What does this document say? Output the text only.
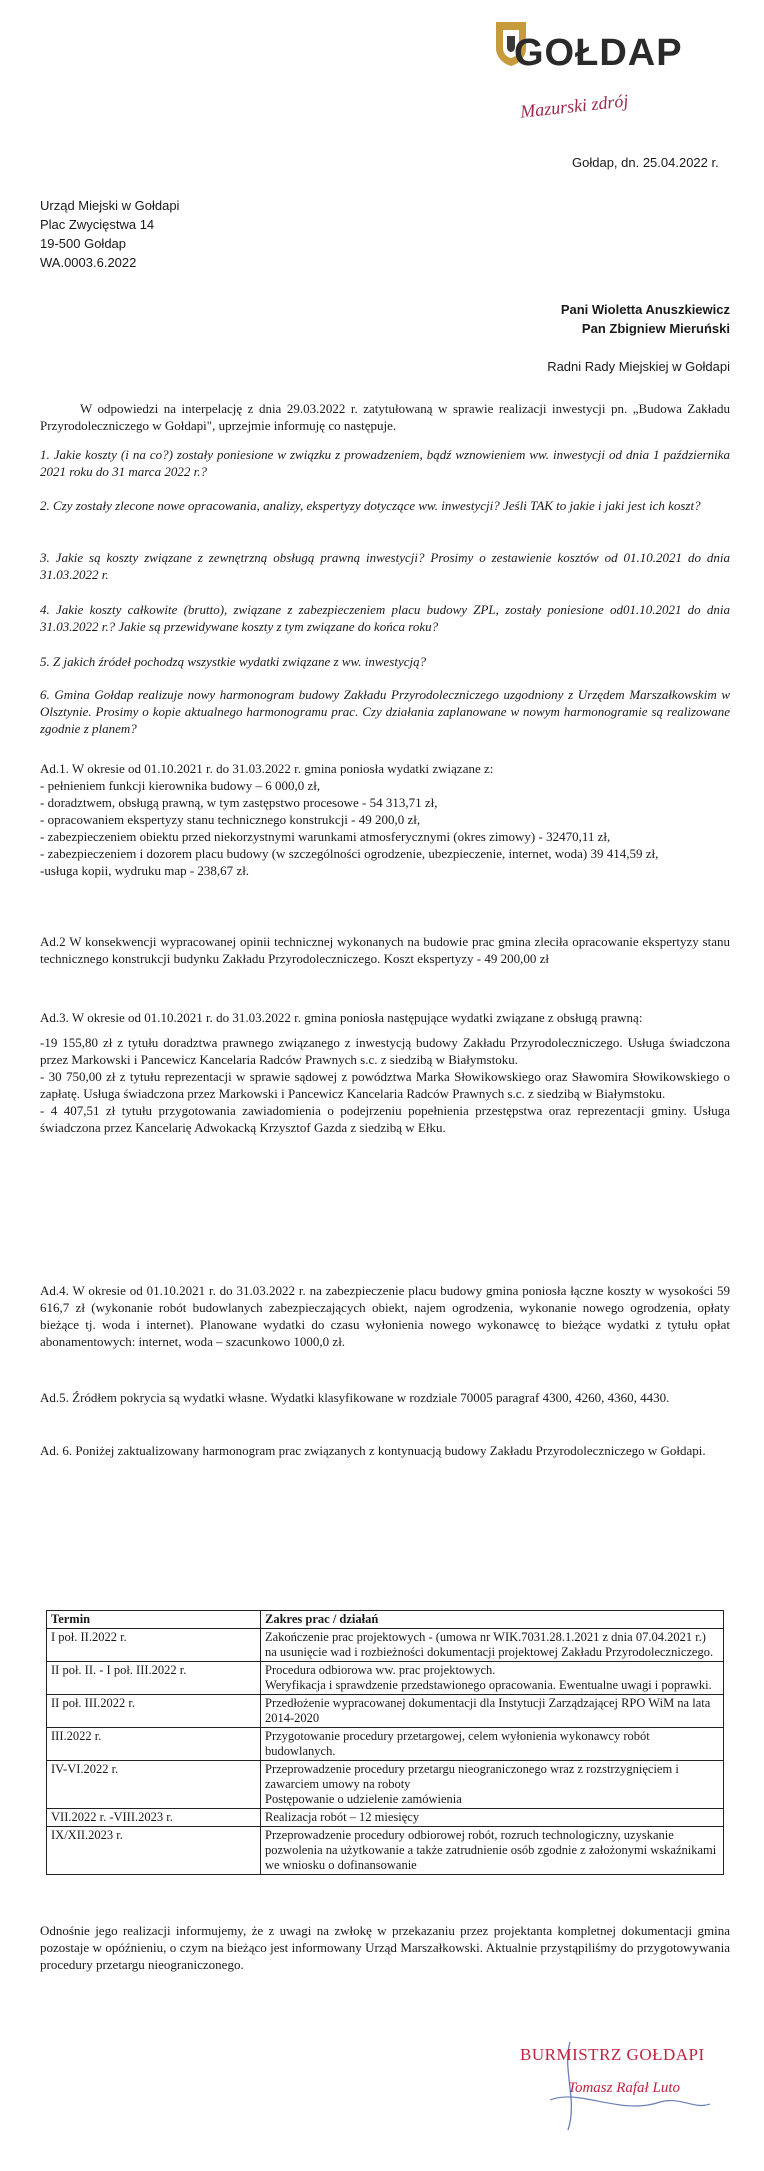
GOŁDAP
Mazurski zdrój
Gołdap, dn. 25.04.2022 r.
Urząd Miejski w Gołdapi
Plac Zwycięstwa 14
19-500 Gołdap
WA.0003.6.2022
Pani Wioletta Anuszkiewicz
Pan Zbigniew Mieruński
Radni Rady Miejskiej w Gołdapi
W odpowiedzi na interpelację z dnia 29.03.2022 r. zatytułowaną w sprawie realizacji inwestycji pn. „Budowa Zakładu Przyrodoleczniczego w Gołdapi", uprzejmie informuję co następuje.
1. Jakie koszty (i na co?) zostały poniesione w związku z prowadzeniem, bądź wznowieniem ww. inwestycji od dnia 1 października 2021 roku do 31 marca 2022 r.?
2. Czy zostały zlecone nowe opracowania, analizy, ekspertyzy dotyczące ww. inwestycji? Jeśli TAK to jakie i jaki jest ich koszt?
3. Jakie są koszty związane z zewnętrzną obsługą prawną inwestycji? Prosimy o zestawienie kosztów od 01.10.2021 do dnia 31.03.2022 r.
4. Jakie koszty całkowite (brutto), związane z zabezpieczeniem placu budowy ZPL, zostały poniesione od01.10.2021 do dnia 31.03.2022 r.? Jakie są przewidywane koszty z tym związane do końca roku?
5. Z jakich źródeł pochodzą wszystkie wydatki związane z ww. inwestycją?
6. Gmina Gołdap realizuje nowy harmonogram budowy Zakładu Przyrodoleczniczego uzgodniony z Urzędem Marszałkowskim w Olsztynie. Prosimy o kopie aktualnego harmonogramu prac. Czy działania zaplanowane w nowym harmonogramie są realizowane zgodnie z planem?
Ad.1. W okresie od 01.10.2021 r. do 31.03.2022 r. gmina poniosła wydatki związane z:
- pełnieniem funkcji kierownika budowy – 6 000,0 zł,
- doradztwem, obsługą prawną, w tym zastępstwo procesowe - 54 313,71 zł,
- opracowaniem ekspertyzy stanu technicznego konstrukcji - 49 200,0 zł,
- zabezpieczeniem obiektu przed niekorzystnymi warunkami atmosferycznymi (okres zimowy) - 32470,11 zł,
- zabezpieczeniem i dozorem placu budowy (w szczególności ogrodzenie, ubezpieczenie, internet, woda) 39 414,59 zł,
-usługa kopii, wydruku map - 238,67 zł.
Ad.2 W konsekwencji wypracowanej opinii technicznej wykonanych na budowie prac gmina zleciła opracowanie ekspertyzy stanu technicznego konstrukcji budynku Zakładu Przyrodoleczniczego. Koszt ekspertyzy - 49 200,00 zł
Ad.3. W okresie od 01.10.2021 r. do 31.03.2022 r. gmina poniosła następujące wydatki związane z obsługą prawną:
-19 155,80 zł z tytułu doradztwa prawnego związanego z inwestycją budowy Zakładu Przyrodoleczniczego. Usługa świadczona przez Markowski i Pancewicz Kancelaria Radców Prawnych s.c. z siedzibą w Białymstoku.
- 30 750,00 zł z tytułu reprezentacji w sprawie sądowej z powództwa Marka Słowikowskiego oraz Sławomira Słowikowskiego o zapłatę. Usługa świadczona przez Markowski i Pancewicz Kancelaria Radców Prawnych s.c. z siedzibą w Białymstoku.
- 4 407,51 zł tytułu przygotowania zawiadomienia o podejrzeniu popełnienia przestępstwa oraz reprezentacji gminy. Usługa świadczona przez Kancelarię Adwokacką Krzysztof Gazda z siedzibą w Ełku.
Ad.4. W okresie od 01.10.2021 r. do 31.03.2022 r. na zabezpieczenie placu budowy gmina poniosła łączne koszty w wysokości 59 616,7 zł (wykonanie robót budowlanych zabezpieczających obiekt, najem ogrodzenia, wykonanie nowego ogrodzenia, opłaty bieżące tj. woda i internet). Planowane wydatki do czasu wyłonienia nowego wykonawcę to bieżące wydatki z tytułu opłat abonamentowych: internet, woda – szacunkowo 1000,0 zł.
Ad.5. Źródłem pokrycia są wydatki własne. Wydatki klasyfikowane w rozdziale 70005 paragraf 4300, 4260, 4360, 4430.
Ad. 6. Poniżej zaktualizowany harmonogram prac związanych z kontynuacją budowy Zakładu Przyrodoleczniczego w Gołdapi.
Termin	Zakres prac / działań
I poł. II.2022 r.	Zakończenie prac projektowych - (umowa nr WIK.7031.28.1.2021 z dnia 07.04.2021 r.) na usunięcie wad i rozbieżności dokumentacji projektowej Zakładu Przyrodoleczniczego.

II poł. II. - I poł. III.2022 r.	Procedura odbiorowa ww. prac projektowych.
Weryfikacja i sprawdzenie przedstawionego opracowania. Ewentualne uwagi i poprawki.

II poł. III.2022 r.	Przedłożenie wypracowanej dokumentacji dla Instytucji Zarządzającej RPO WiM na lata 2014-2020

III.2022 r.	Przygotowanie procedury przetargowej, celem wyłonienia wykonawcy robót budowlanych.

IV-VI.2022 r.	Przeprowadzenie procedury przetargu nieograniczonego wraz z rozstrzygnięciem i zawarciem umowy na roboty
Postępowanie o udzielenie zamówienia

VII.2022 r. -VIII.2023 r.	Realizacja robót – 12 miesięcy

IX/XII.2023 r.	Przeprowadzenie procedury odbiorowej robót, rozruch technologiczny, uzyskanie pozwolenia na użytkowanie a także zatrudnienie osób zgodnie z założonymi wskaźnikami we wniosku o dofinansowanie
Odnośnie jego realizacji informujemy, że z uwagi na zwłokę w przekazaniu przez projektanta kompletnej dokumentacji gmina pozostaje w opóźnieniu, o czym na bieżąco jest informowany Urząd Marszałkowski. Aktualnie przystąpiliśmy do przygotowywania procedury przetargu nieograniczonego.
BURMISTRZ GOŁDAPI
Tomasz Rafał Luto
